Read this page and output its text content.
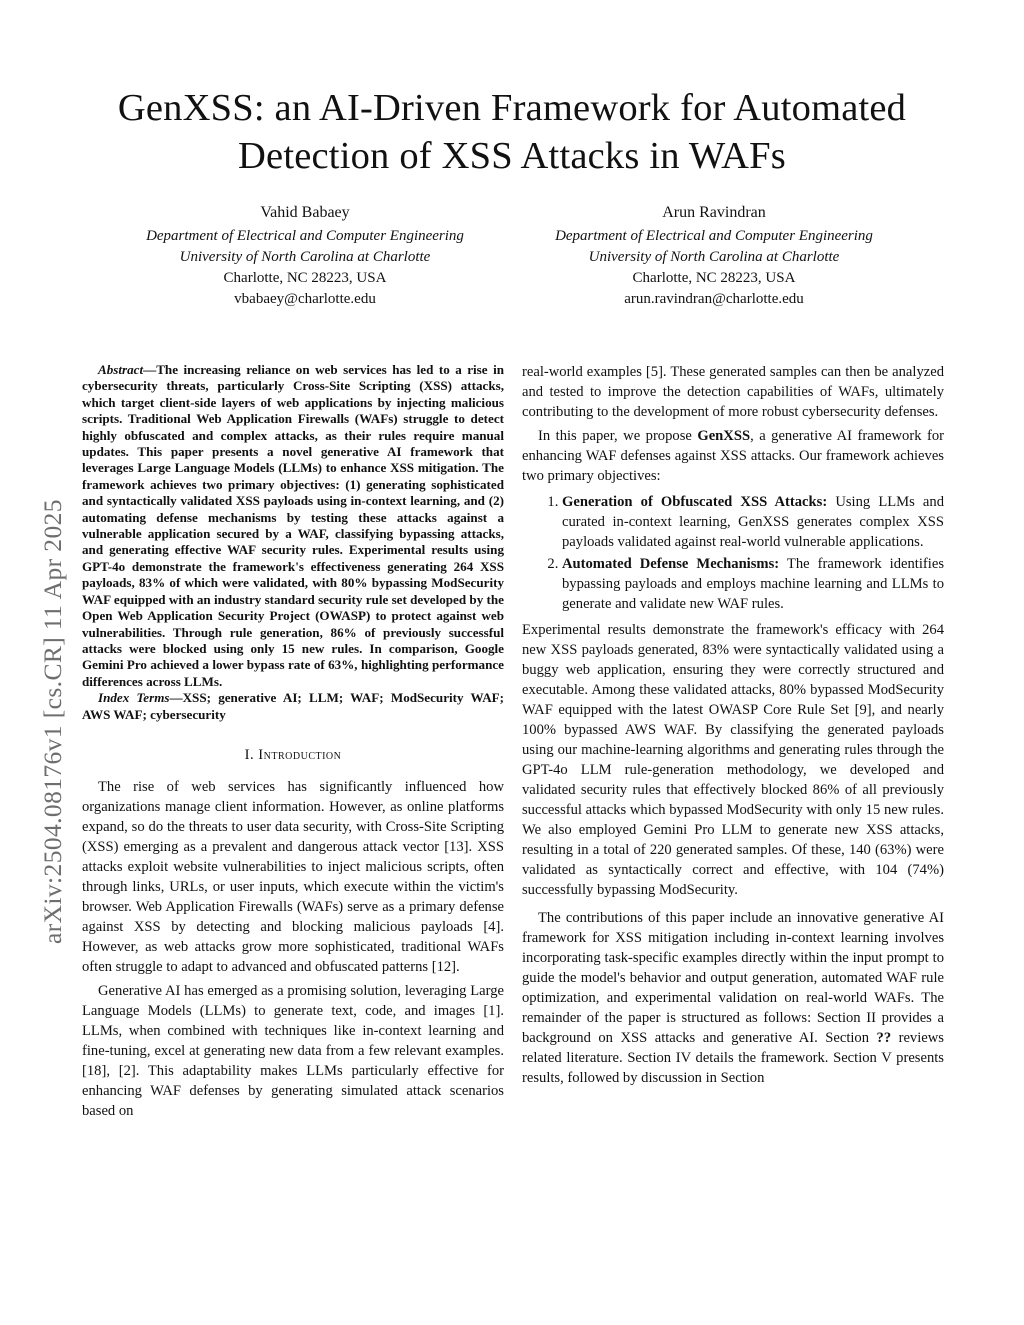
GenXSS: an AI-Driven Framework for Automated
Detection of XSS Attacks in WAFs
Vahid Babaey
Department of Electrical and Computer Engineering
University of North Carolina at Charlotte
Charlotte, NC 28223, USA
vbabaey@charlotte.edu
Arun Ravindran
Department of Electrical and Computer Engineering
University of North Carolina at Charlotte
Charlotte, NC 28223, USA
arun.ravindran@charlotte.edu
arXiv:2504.08176v1 [cs.CR] 11 Apr 2025

Abstract—The increasing reliance on web services has led to a rise in cybersecurity threats, particularly Cross-Site Scripting (XSS) attacks, which target client-side layers of web applications by injecting malicious scripts. Traditional Web Application Firewalls (WAFs) struggle to detect highly obfuscated and complex attacks, as their rules require manual updates. This paper presents a novel generative AI framework that leverages Large Language Models (LLMs) to enhance XSS mitigation. The framework achieves two primary objectives: (1) generating sophisticated and syntactically validated XSS payloads using in-context learning, and (2) automating defense mechanisms by testing these attacks against a vulnerable application secured by a WAF, classifying bypassing attacks, and generating effective WAF security rules. Experimental results using GPT-4o demonstrate the framework's effectiveness generating 264 XSS payloads, 83% of which were validated, with 80% bypassing ModSecurity WAF equipped with an industry standard security rule set developed by the Open Web Application Security Project (OWASP) to protect against web vulnerabilities. Through rule generation, 86% of previously successful attacks were blocked using only 15 new rules. In comparison, Google Gemini Pro achieved a lower bypass rate of 63%, highlighting performance differences across LLMs.

Index Terms—XSS; generative AI; LLM; WAF; ModSecurity WAF; AWS WAF; cybersecurity

I. Introduction

The rise of web services has significantly influenced how organizations manage client information. However, as online platforms expand, so do the threats to user data security, with Cross-Site Scripting (XSS) emerging as a prevalent and dangerous attack vector [13]. XSS attacks exploit website vulnerabilities to inject malicious scripts, often through links, URLs, or user inputs, which execute within the victim's browser. Web Application Firewalls (WAFs) serve as a primary defense against XSS by detecting and blocking malicious payloads [4]. However, as web attacks grow more sophisticated, traditional WAFs often struggle to adapt to advanced and obfuscated patterns [12].

Generative AI has emerged as a promising solution, leveraging Large Language Models (LLMs) to generate text, code, and images [1]. LLMs, when combined with techniques like in-context learning and fine-tuning, excel at generating new data from a few relevant examples. [18], [2]. This adaptability makes LLMs particularly effective for enhancing WAF defenses by generating simulated attack scenarios based on

real-world examples [5]. These generated samples can then be analyzed and tested to improve the detection capabilities of WAFs, ultimately contributing to the development of more robust cybersecurity defenses.

In this paper, we propose GenXSS, a generative AI framework for enhancing WAF defenses against XSS attacks. Our framework achieves two primary objectives:

1. Generation of Obfuscated XSS Attacks: Using LLMs and curated in-context learning, GenXSS generates complex XSS payloads validated against real-world vulnerable applications.
2. Automated Defense Mechanisms: The framework identifies bypassing payloads and employs machine learning and LLMs to generate and validate new WAF rules.

Experimental results demonstrate the framework's efficacy with 264 new XSS payloads generated, 83% were syntactically validated using a buggy web application, ensuring they were correctly structured and executable. Among these validated attacks, 80% bypassed ModSecurity WAF equipped with the latest OWASP Core Rule Set [9], and nearly 100% bypassed AWS WAF. By classifying the generated payloads using our machine-learning algorithms and generating rules through the GPT-4o LLM rule-generation methodology, we developed and validated security rules that effectively blocked 86% of all previously successful attacks which bypassed ModSecurity with only 15 new rules. We also employed Gemini Pro LLM to generate new XSS attacks, resulting in a total of 220 generated samples. Of these, 140 (63%) were validated as syntactically correct and effective, with 104 (74%) successfully bypassing ModSecurity.

The contributions of this paper include an innovative generative AI framework for XSS mitigation including in-context learning involves incorporating task-specific examples directly within the input prompt to guide the model's behavior and output generation, automated WAF rule optimization, and experimental validation on real-world WAFs. The remainder of the paper is structured as follows: Section II provides a background on XSS attacks and generative AI. Section ?? reviews related literature. Section IV details the framework. Section V presents results, followed by discussion in Section
